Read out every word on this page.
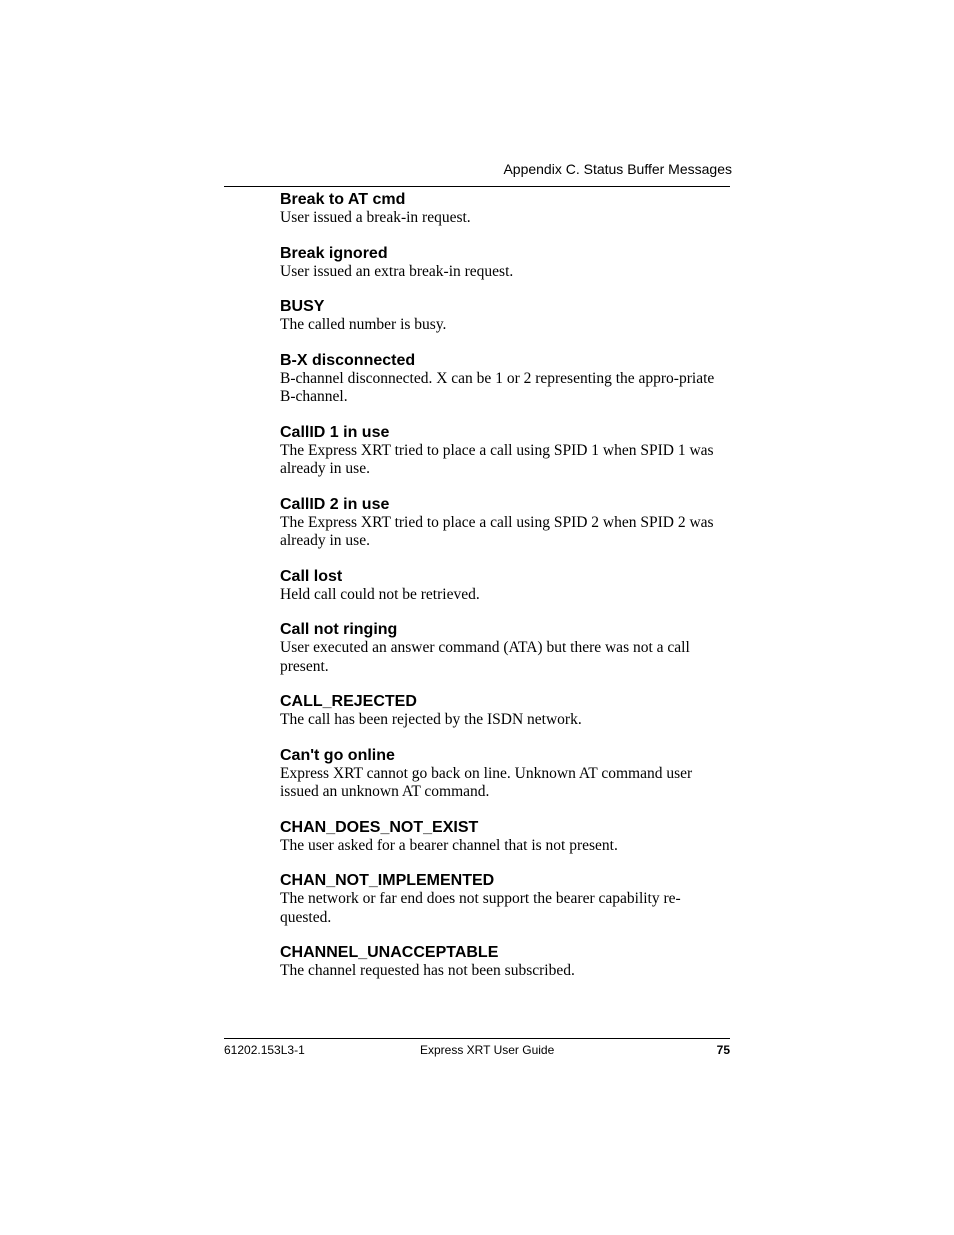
Appendix C. Status Buffer Messages

Break to AT cmd

User issued a break-in request.

Break ignored

User issued an extra break-in request.

BUSY

The called number is busy.

B-X disconnected

B-channel disconnected. X can be 1 or 2 representing the appro-priate B-channel.

CallID 1 in use

The Express XRT tried to place a call using SPID 1 when SPID 1 was already in use.

CallID 2 in use

The Express XRT tried to place a call using SPID 2 when SPID 2 was already in use.

Call lost

Held call could not be retrieved.

Call not ringing

User executed an answer command (ATA) but there was not a call present.

CALL_REJECTED

The call has been rejected by the ISDN network.

Can't go online

Express XRT cannot go back on line. Unknown AT command user issued an unknown AT command.

CHAN_DOES_NOT_EXIST

The user asked for a bearer channel that is not present.

CHAN_NOT_IMPLEMENTED

The network or far end does not support the bearer capability re-quested.

CHANNEL_UNACCEPTABLE

The channel requested has not been subscribed.

61202.153L3-1	Express XRT User Guide	75
